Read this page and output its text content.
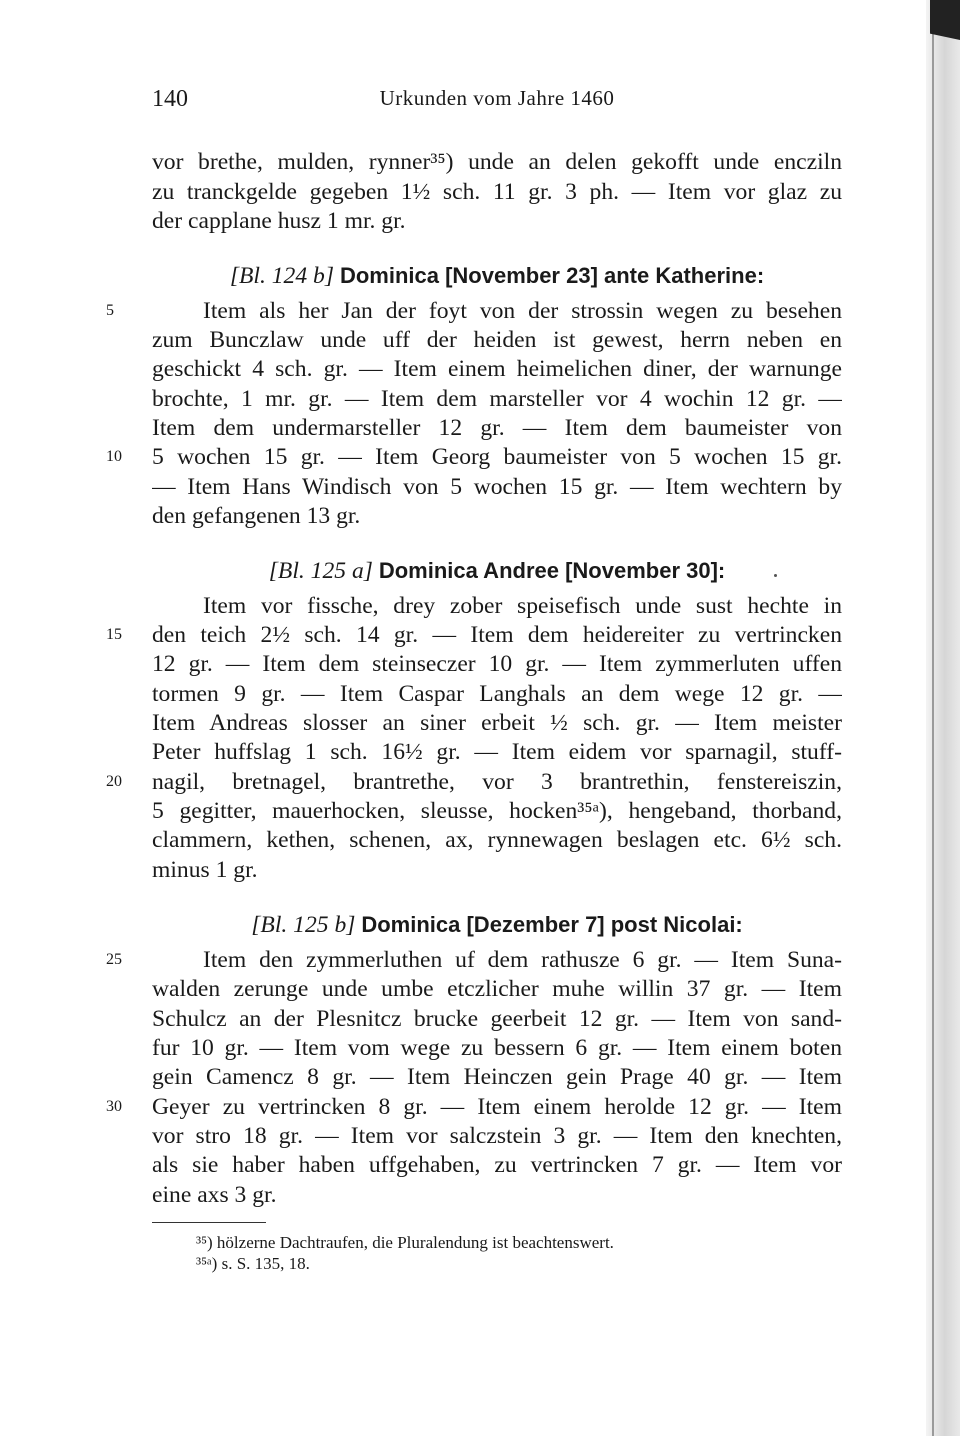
140	Urkunden vom Jahre 1460
vor brethe, mulden, rynner³⁵) unde an delen gekofft unde encziln
zu tranckgelde gegeben 1½ sch. 11 gr. 3 ph. — Item vor glaz zu
der capplane husz 1 mr. gr.
[Bl. 124 b] Dominica [November 23] ante Katherine:
Item als her Jan der foyt von der strossin wegen zu besehen
zum Bunczlaw unde uff der heiden ist gewest, herrn neben en
geschickt 4 sch. gr. — Item einem heimelichen diner, der warnunge
brochte, 1 mr. gr. — Item dem marsteller vor 4 wochin 12 gr. —
Item dem undermarsteller 12 gr. — Item dem baumeister von
5 wochen 15 gr. — Item Georg baumeister von 5 wochen 15 gr.
— Item Hans Windisch von 5 wochen 15 gr. — Item wechtern by
den gefangenen 13 gr.
[Bl. 125 a] Dominica Andree [November 30]:
Item vor fissche, drey zober speisefisch unde sust hechte in
den teich 2½ sch. 14 gr. — Item dem heidereiter zu vertrincken
12 gr. — Item dem steinseczer 10 gr. — Item zymmerluten uffen
tormen 9 gr. — Item Caspar Langhals an dem wege 12 gr. —
Item Andreas slosser an siner erbeit ½ sch. gr. — Item meister
Peter huffslag 1 sch. 16½ gr. — Item eidem vor sparnagil, stuff-
nagil, bretnagel, brantrethe, vor 3 brantrethin, fenstereiszin,
5 gegitter, mauerhocken, sleusse, hocken³⁵ᵃ), hengeband, thorband,
clammern, kethen, schenen, ax, rynnewagen beslagen etc. 6½ sch.
minus 1 gr.
[Bl. 125 b] Dominica [Dezember 7] post Nicolai:
Item den zymmerluthen uf dem rathusze 6 gr. — Item Suna-
walden zerunge unde umbe etczlicher muhe willin 37 gr. — Item
Schulcz an der Plesnitcz brucke geerbeit 12 gr. — Item von sand-
fur 10 gr. — Item vom wege zu bessern 6 gr. — Item einem boten
gein Camencz 8 gr. — Item Heinczen gein Prage 40 gr. — Item
Geyer zu vertrincken 8 gr. — Item einem herolde 12 gr. — Item
vor stro 18 gr. — Item vor salczstein 3 gr. — Item den knechten,
als sie haber haben uffgehaben, zu vertrincken 7 gr. — Item vor
eine axs 3 gr.
5
10
15
20
25
30
³⁵) hölzerne Dachtraufen, die Pluralendung ist beachtenswert.
³⁵ᵃ) s. S. 135, 18.
